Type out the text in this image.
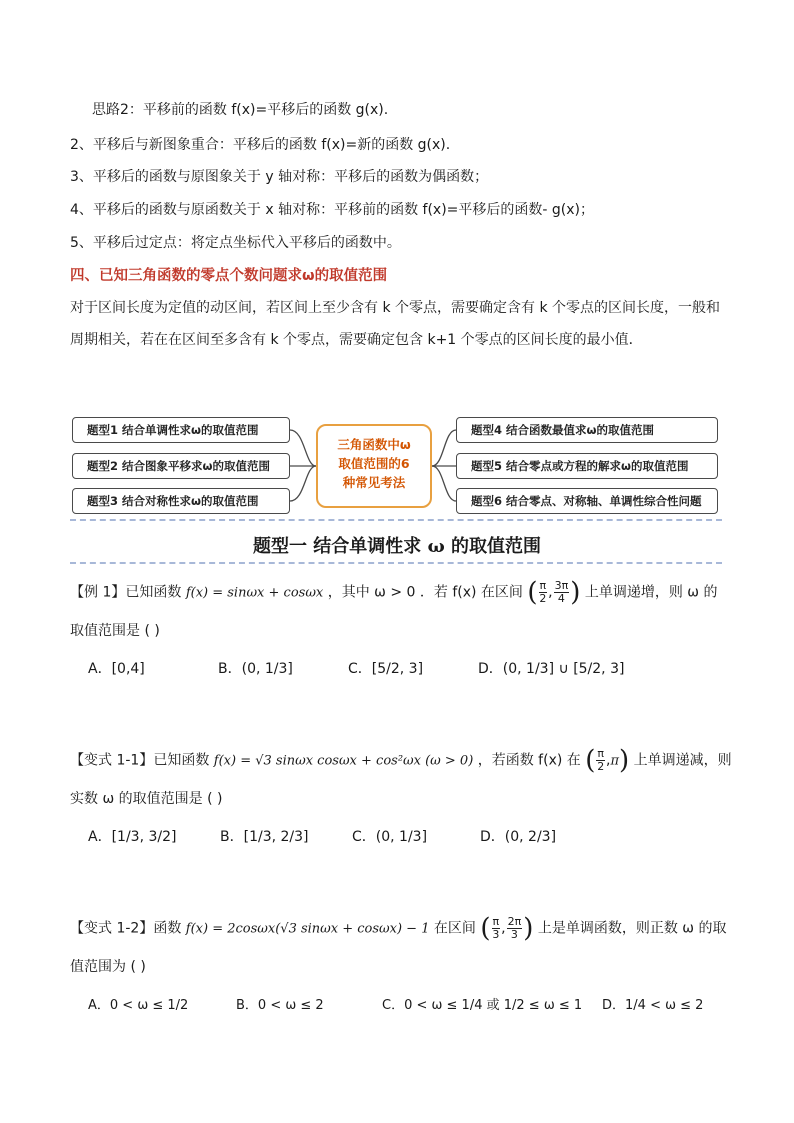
思路2：平移前的函数 f(x)=平移后的函数 g(x).
2、平移后与新图象重合：平移后的函数 f(x)=新的函数 g(x).
3、平移后的函数与原图象关于 y 轴对称：平移后的函数为偶函数；
4、平移后的函数与原函数关于 x 轴对称：平移前的函数 f(x)=平移后的函数- g(x)；
5、平移后过定点：将定点坐标代入平移后的函数中。
四、已知三角函数的零点个数问题求ω的取值范围
对于区间长度为定值的动区间，若区间上至少含有 k 个零点，需要确定含有 k 个零点的区间长度，一般和周期相关，若在在区间至多含有 k 个零点，需要确定包含 k+1 个零点的区间长度的最小值．
题型1 结合单调性求ω的取值范围
题型2 结合图象平移求ω的取值范围
题型3 结合对称性求ω的取值范围
三角函数中ω
取值范围的6
种常见考法
题型4 结合函数最值求ω的取值范围
题型5 结合零点或方程的解求ω的取值范围
题型6 结合零点、对称轴、单调性综合性问题
题型一 结合单调性求 ω 的取值范围
【例 1】已知函数 f(x) = sinωx + cosωx ，其中 ω > 0 ．若 f(x) 在区间 ( $\frac{\pi}{2}$ , $\frac{3\pi}{4}$ ) 上单调递增，则 ω 的
取值范围是 ( )
A．[0,4]	B．(0, 1/3]	C．[5/2, 3]	D．(0, 1/3] ∪ [5/2, 3]
【变式 1-1】已知函数 f(x) = √3 sinωx cosωx + cos²ωx (ω > 0) ，若函数 f(x) 在 ( $\frac{\pi}{2} ,\pi$) 上单调递减，则
实数 ω 的取值范围是 ( )
A．[1/3, 3/2]	B．[1/3, 2/3]	C．(0, 1/3]	D．(0, 2/3]
【变式 1-2】函数 f(x) = 2cosωx(√3 sinωx + cosωx) − 1 在区间 ( $\frac{\pi}{3}$ , $\frac{2\pi}{3}$ ) 上是单调函数，则正数 ω 的取
值范围为 ( )
A．0 < ω ≤ 1/2	B．0 < ω ≤ 2	C．0 < ω ≤ 1/4 或 1/2 ≤ ω ≤ 1	D．1/4 < ω ≤ 2
